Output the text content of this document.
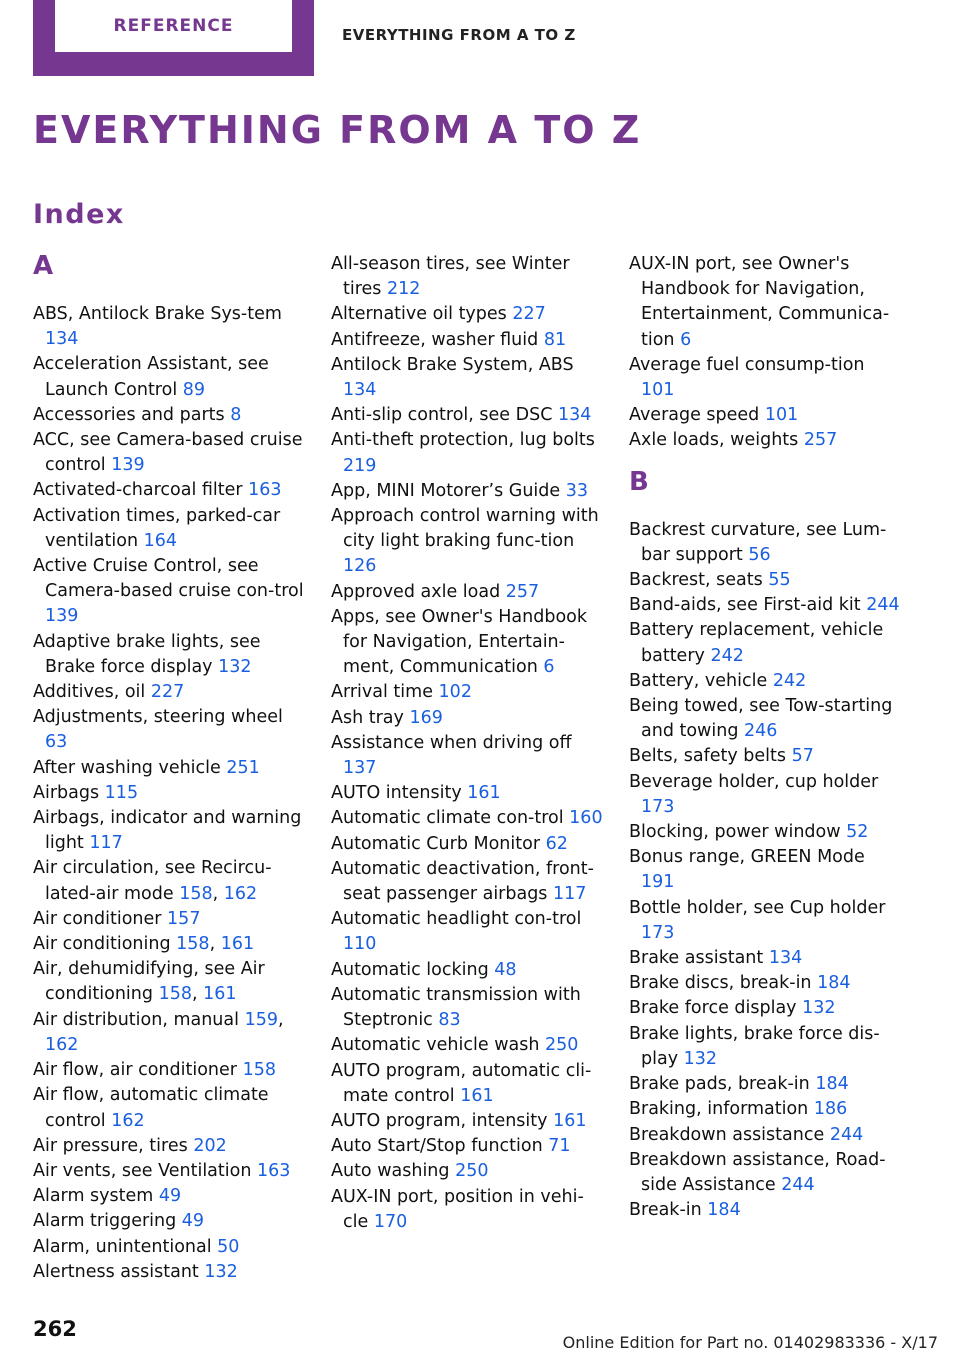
REFERENCE	EVERYTHING FROM A TO Z
EVERYTHING FROM A TO Z
Index
A
ABS, Antilock Brake Sys-tem 134
Acceleration Assistant, see Launch Control 89
Accessories and parts 8
ACC, see Camera-based cruise control 139
Activated-charcoal filter 163
Activation times, parked-car ventilation 164
Active Cruise Control, see Camera-based cruise con-trol 139
Adaptive brake lights, see Brake force display 132
Additives, oil 227
Adjustments, steering wheel 63
After washing vehicle 251
Airbags 115
Airbags, indicator and warning light 117
Air circulation, see Recircu-lated-air mode 158, 162
Air conditioner 157
Air conditioning 158, 161
Air, dehumidifying, see Air conditioning 158, 161
Air distribution, manual 159, 162
Air flow, air conditioner 158
Air flow, automatic climate control 162
Air pressure, tires 202
Air vents, see Ventilation 163
Alarm system 49
Alarm triggering 49
Alarm, unintentional 50
Alertness assistant 132
All-season tires, see Winter tires 212
Alternative oil types 227
Antifreeze, washer fluid 81
Antilock Brake System, ABS 134
Anti-slip control, see DSC 134
Anti-theft protection, lug bolts 219
App, MINI Motorer’s Guide 33
Approach control warning with city light braking func-tion 126
Approved axle load 257
Apps, see Owner's Handbook for Navigation, Entertain-ment, Communication 6
Arrival time 102
Ash tray 169
Assistance when driving off 137
AUTO intensity 161
Automatic climate con-trol 160
Automatic Curb Monitor 62
Automatic deactivation, front-seat passenger airbags 117
Automatic headlight con-trol 110
Automatic locking 48
Automatic transmission with Steptronic 83
Automatic vehicle wash 250
AUTO program, automatic cli-mate control 161
AUTO program, intensity 161
Auto Start/Stop function 71
Auto washing 250
AUX-IN port, position in vehi-cle 170
AUX-IN port, see Owner's Handbook for Navigation, Entertainment, Communica-tion 6
Average fuel consump-tion 101
Average speed 101
Axle loads, weights 257
B
Backrest curvature, see Lum-bar support 56
Backrest, seats 55
Band-aids, see First-aid kit 244
Battery replacement, vehicle battery 242
Battery, vehicle 242
Being towed, see Tow-starting and towing 246
Belts, safety belts 57
Beverage holder, cup holder 173
Blocking, power window 52
Bonus range, GREEN Mode 191
Bottle holder, see Cup holder 173
Brake assistant 134
Brake discs, break-in 184
Brake force display 132
Brake lights, brake force dis-play 132
Brake pads, break-in 184
Braking, information 186
Breakdown assistance 244
Breakdown assistance, Road-side Assistance 244
Break-in 184
262
Online Edition for Part no. 01402983336 - X/17
